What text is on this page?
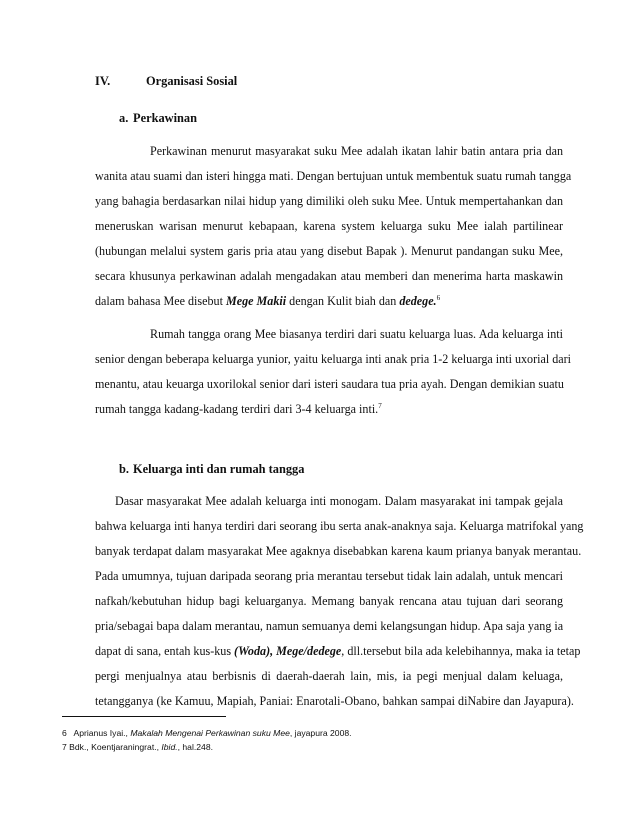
IV.	Organisasi Sosial
a. Perkawinan
Perkawinan menurut masyarakat suku Mee adalah ikatan lahir batin antara pria dan
wanita atau suami dan isteri hingga mati. Dengan bertujuan untuk membentuk suatu rumah tangga
yang bahagia berdasarkan nilai hidup yang dimiliki oleh suku Mee. Untuk mempertahankan dan
meneruskan warisan menurut kebapaan, karena system keluarga suku Mee ialah partilinear
(hubungan melalui system garis pria atau yang disebut Bapak ). Menurut pandangan suku Mee,
secara khusunya perkawinan adalah mengadakan atau memberi dan menerima harta maskawin
dalam bahasa Mee disebut Mege Makii dengan Kulit biah dan dedege.$^6$
Rumah tangga orang Mee biasanya terdiri dari suatu keluarga luas. Ada keluarga inti
senior dengan beberapa keluarga yunior, yaitu keluarga inti anak pria 1-2 keluarga inti uxorial dari
menantu, atau keuarga uxorilokal senior dari isteri saudara tua pria ayah. Dengan demikian suatu
rumah tangga kadang-kadang terdiri dari 3-4 keluarga inti.$^7$
b. Keluarga inti dan rumah tangga
Dasar masyarakat Mee adalah keluarga inti monogam. Dalam masyarakat ini tampak gejala
bahwa keluarga inti hanya terdiri dari seorang ibu serta anak-anaknya saja. Keluarga matrifokal yang
banyak terdapat dalam masyarakat Mee agaknya disebabkan karena kaum prianya banyak merantau.
Pada umumnya, tujuan daripada seorang pria merantau tersebut tidak lain adalah, untuk mencari
nafkah/kebutuhan hidup bagi keluarganya. Memang banyak rencana atau tujuan dari seorang
pria/sebagai bapa dalam merantau, namun semuanya demi kelangsungan hidup. Apa saja yang ia
dapat di sana, entah kus-kus (Woda), Mege/dedege, dll.tersebut bila ada kelebihannya, maka ia tetap
pergi menjualnya atau berbisnis di daerah-daerah lain, mis, ia pegi menjual dalam keluaga,
tetangganya (ke Kamuu, Mapiah, Paniai: Enarotali-Obano, bahkan sampai diNabire dan Jayapura).
6 Aprianus Iyai., Makalah Mengenai Perkawinan suku Mee, jayapura 2008.
7 Bdk., Koentjaraningrat., Ibid., hal.248.
